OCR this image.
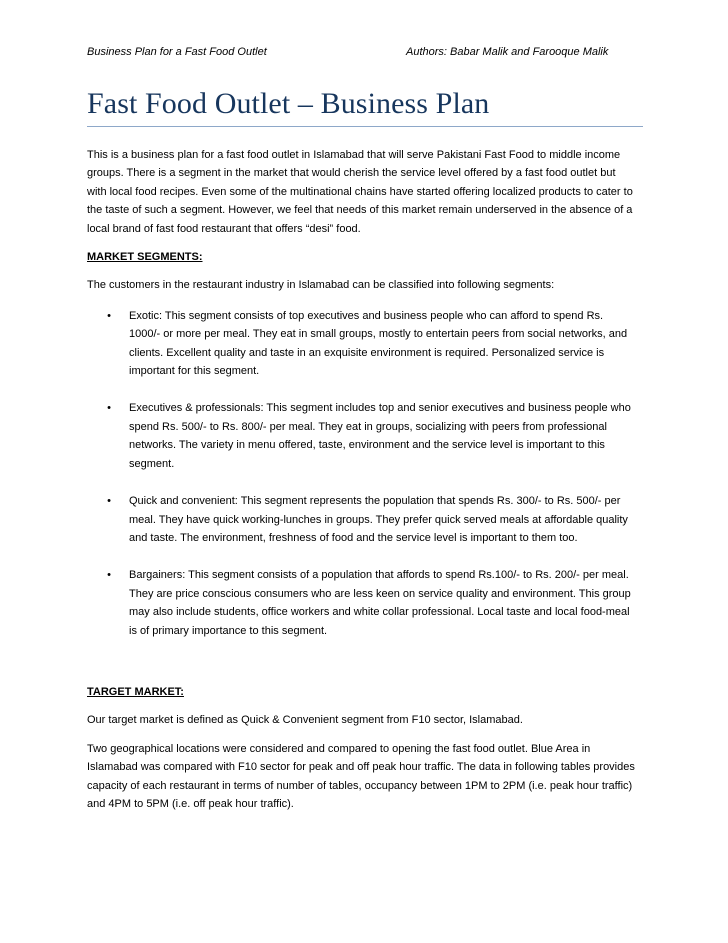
Business Plan for a Fast Food Outlet	Authors: Babar Malik and Farooque Malik
Fast Food Outlet – Business Plan

This is a business plan for a fast food outlet in Islamabad that will serve Pakistani Fast Food to middle income groups. There is a segment in the market that would cherish the service level offered by a fast food outlet but with local food recipes. Even some of the multinational chains have started offering localized products to cater to the taste of such a segment. However, we feel that needs of this market remain underserved in the absence of a local brand of fast food restaurant that offers “desi” food.

MARKET SEGMENTS:

The customers in the restaurant industry in Islamabad can be classified into following segments:

• Exotic: This segment consists of top executives and business people who can afford to spend Rs. 1000/- or more per meal. They eat in small groups, mostly to entertain peers from social networks, and clients. Excellent quality and taste in an exquisite environment is required. Personalized service is important for this segment.
• Executives & professionals: This segment includes top and senior executives and business people who spend Rs. 500/- to Rs. 800/- per meal. They eat in groups, socializing with peers from professional networks. The variety in menu offered, taste, environment and the service level is important to this segment.
• Quick and convenient: This segment represents the population that spends Rs. 300/- to Rs. 500/- per meal. They have quick working-lunches in groups. They prefer quick served meals at affordable quality and taste. The environment, freshness of food and the service level is important to them too.
• Bargainers: This segment consists of a population that affords to spend Rs.100/- to Rs. 200/- per meal. They are price conscious consumers who are less keen on service quality and environment. This group may also include students, office workers and white collar professional. Local taste and local food-meal is of primary importance to this segment.

TARGET MARKET:

Our target market is defined as Quick & Convenient segment from F10 sector, Islamabad.

Two geographical locations were considered and compared to opening the fast food outlet. Blue Area in Islamabad was compared with F10 sector for peak and off peak hour traffic. The data in following tables provides capacity of each restaurant in terms of number of tables, occupancy between 1PM to 2PM (i.e. peak hour traffic) and 4PM to 5PM (i.e. off peak hour traffic).
